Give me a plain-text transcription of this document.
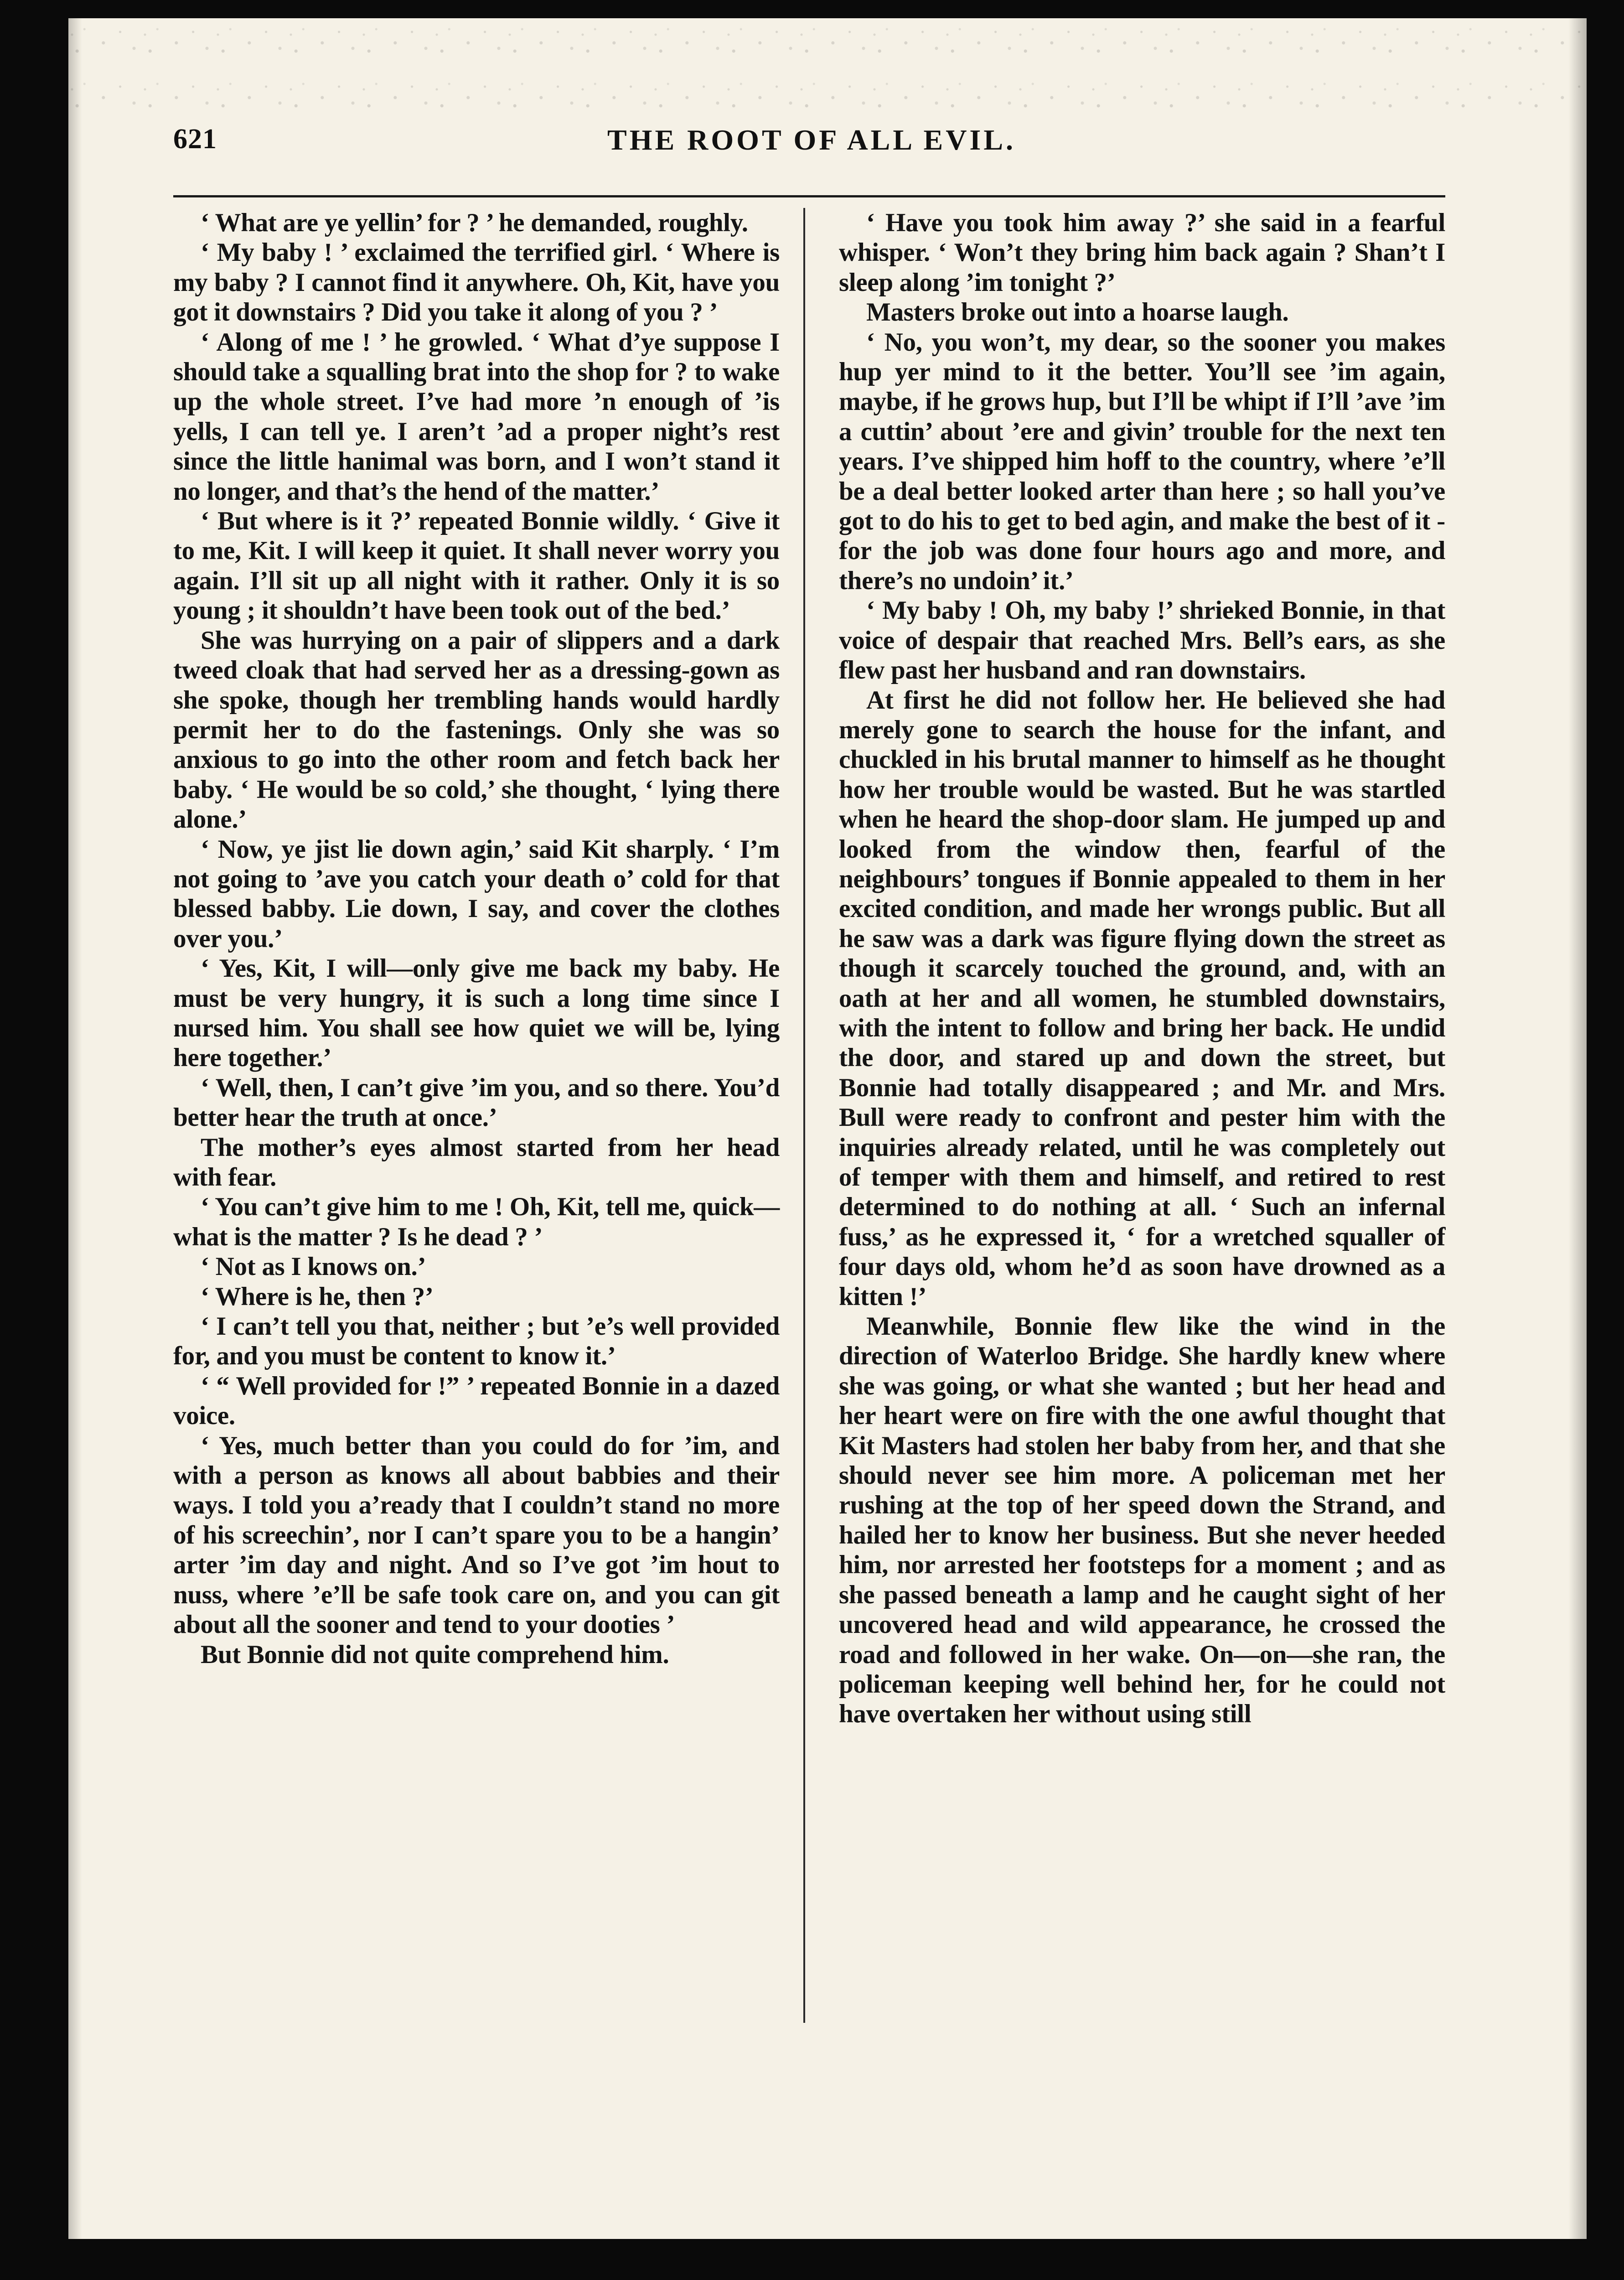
621	THE ROOT OF ALL EVIL.

‘ What are ye yellin’ for ? ’ he demanded, roughly.

‘ My baby ! ’ exclaimed the terrified girl. ‘ Where is my baby ? I cannot find it anywhere. Oh, Kit, have you got it downstairs ? Did you take it along of you ? ’

‘ Along of me ! ’ he growled. ‘ What d’ye suppose I should take a squalling brat into the shop for ? to wake up the whole street. I’ve had more ’n enough of ’is yells, I can tell ye. I aren’t ’ad a proper night’s rest since the little hanimal was born, and I won’t stand it no longer, and that’s the hend of the matter.’

‘ But where is it ?’ repeated Bonnie wildly. ‘ Give it to me, Kit. I will keep it quiet. It shall never worry you again. I’ll sit up all night with it rather. Only it is so young ; it shouldn’t have been took out of the bed.’

She was hurrying on a pair of slippers and a dark tweed cloak that had served her as a dressing-gown as she spoke, though her trembling hands would hardly permit her to do the fastenings. Only she was so anxious to go into the other room and fetch back her baby. ‘ He would be so cold,’ she thought, ‘ lying there alone.’

‘ Now, ye jist lie down agin,’ said Kit sharply. ‘ I’m not going to ’ave you catch your death o’ cold for that blessed babby. Lie down, I say, and cover the clothes over you.’

‘ Yes, Kit, I will—only give me back my baby. He must be very hungry, it is such a long time since I nursed him. You shall see how quiet we will be, lying here together.’

‘ Well, then, I can’t give ’im you, and so there. You’d better hear the truth at once.’

The mother’s eyes almost started from her head with fear.

‘ You can’t give him to me ! Oh, Kit, tell me, quick—what is the matter ? Is he dead ? ’

‘ Not as I knows on.’

‘ Where is he, then ?’

‘ I can’t tell you that, neither ; but ’e’s well provided for, and you must be content to know it.’

‘ “ Well provided for !” ’ repeated Bonnie in a dazed voice.

‘ Yes, much better than you could do for ’im, and with a person as knows all about babbies and their ways. I told you a’ready that I couldn’t stand no more of his screechin’, nor I can’t spare you to be a hangin’ arter ’im day and night. And so I’ve got ’im hout to nuss, where ’e’ll be safe took care on, and you can git about all the sooner and tend to your dooties ’

But Bonnie did not quite comprehend him.

‘ Have you took him away ?’ she said in a fearful whisper. ‘ Won’t they bring him back again ? Shan’t I sleep along ’im tonight ?’

Masters broke out into a hoarse laugh.

‘ No, you won’t, my dear, so the sooner you makes hup yer mind to it the better. You’ll see ’im again, maybe, if he grows hup, but I’ll be whipt if I’ll ’ave ’im a cuttin’ about ’ere and givin’ trouble for the next ten years. I’ve shipped him hoff to the country, where ’e’ll be a deal better looked arter than here ; so hall you’ve got to do his to get to bed agin, and make the best of it - for the job was done four hours ago and more, and there’s no undoin’ it.’

‘ My baby ! Oh, my baby !’ shrieked Bonnie, in that voice of despair that reached Mrs. Bell’s ears, as she flew past her husband and ran downstairs.

At first he did not follow her. He believed she had merely gone to search the house for the infant, and chuckled in his brutal manner to himself as he thought how her trouble would be wasted. But he was startled when he heard the shop-door slam. He jumped up and looked from the window then, fearful of the neighbours’ tongues if Bonnie appealed to them in her excited condition, and made her wrongs public. But all he saw was a dark was figure flying down the street as though it scarcely touched the ground, and, with an oath at her and all women, he stumbled downstairs, with the intent to follow and bring her back. He undid the door, and stared up and down the street, but Bonnie had totally disappeared ; and Mr. and Mrs. Bull were ready to confront and pester him with the inquiries already related, until he was completely out of temper with them and himself, and retired to rest determined to do nothing at all. ‘ Such an infernal fuss,’ as he expressed it, ‘ for a wretched squaller of four days old, whom he’d as soon have drowned as a kitten !’

Meanwhile, Bonnie flew like the wind in the direction of Waterloo Bridge. She hardly knew where she was going, or what she wanted ; but her head and her heart were on fire with the one awful thought that Kit Masters had stolen her baby from her, and that she should never see him more. A policeman met her rushing at the top of her speed down the Strand, and hailed her to know her business. But she never heeded him, nor arrested her footsteps for a moment ; and as she passed beneath a lamp and he caught sight of her uncovered head and wild appearance, he crossed the road and followed in her wake. On—on—she ran, the policeman keeping well behind her, for he could not have overtaken her without using still
